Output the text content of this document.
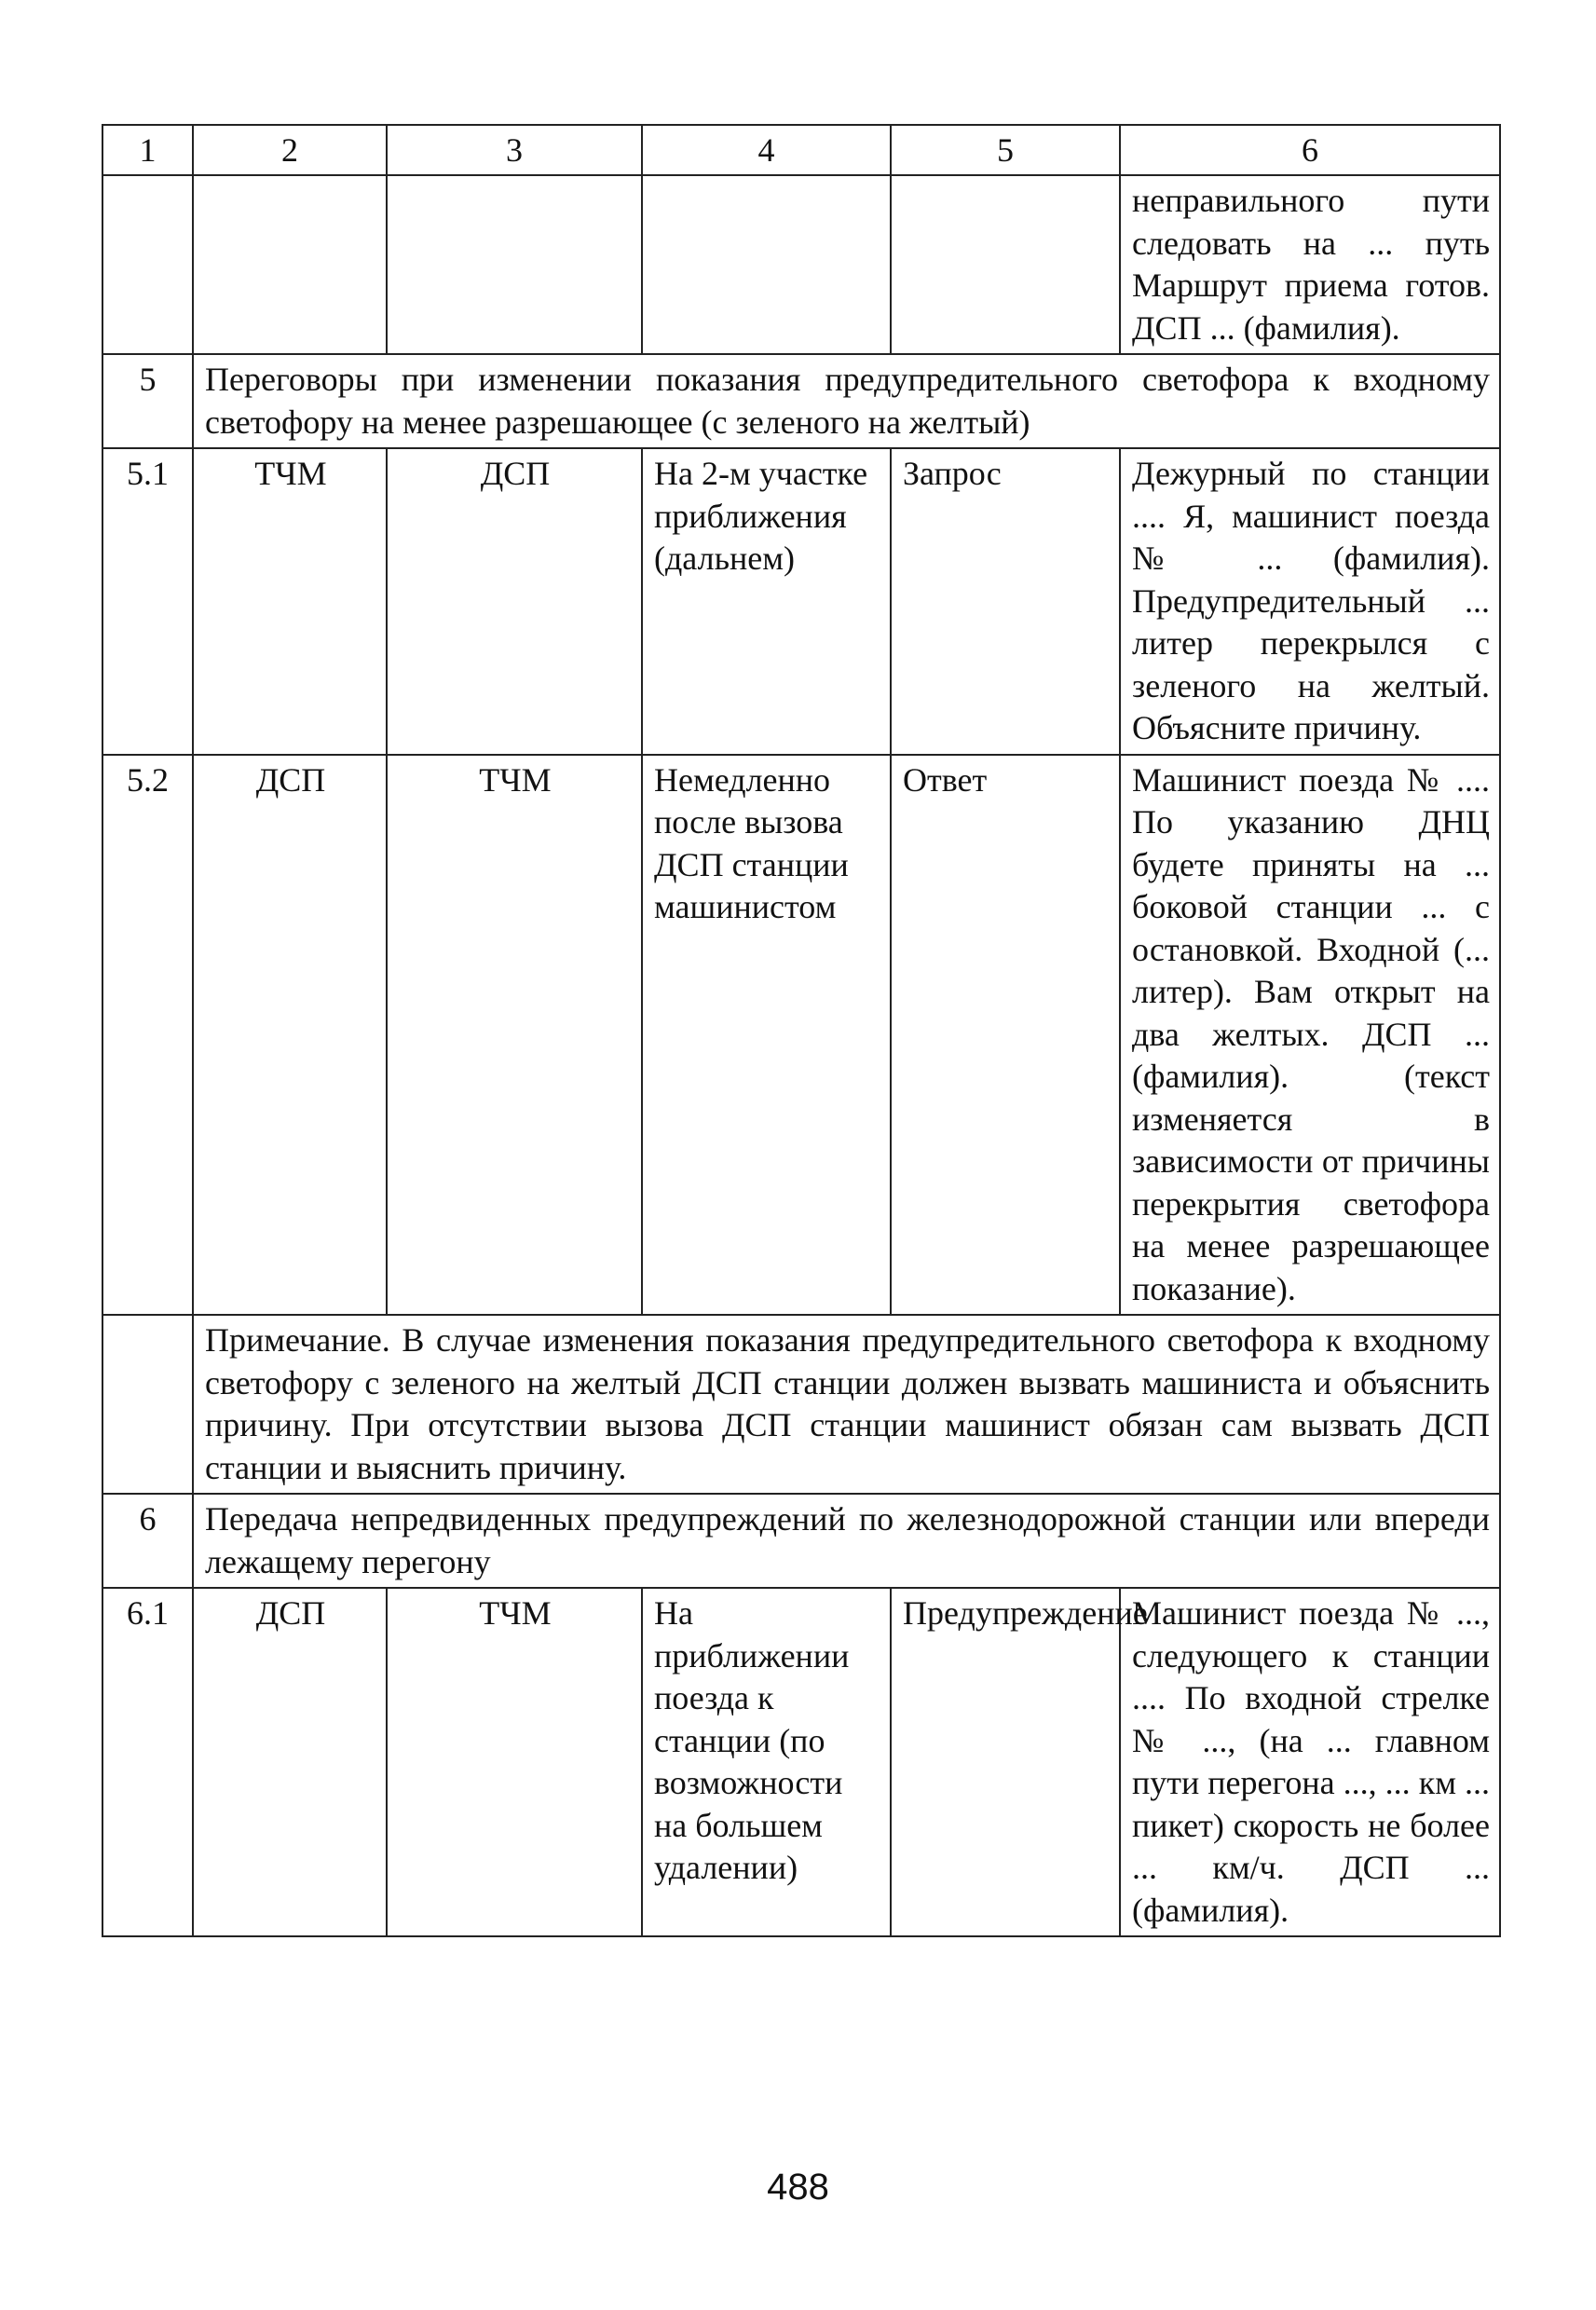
1	2	3	4	5	6
					неправильного пути следовать на ... путь Маршрут приема готов. ДСП ... (фамилия).
5	Переговоры при изменении показания предупредительного светофора к входному светофору на менее разрешающее (с зеленого на желтый)				
5.1	ТЧМ	ДСП	На 2-м участке приближения (дальнем)	Запрос	Дежурный по станции .... Я, машинист поезда № ... (фамилия). Предупредительный ... литер перекрылся с зеленого на желтый. Объясните причину.
5.2	ДСП	ТЧМ	Немедленно после вызова ДСП станции машинистом	Ответ	Машинист поезда № .... По указанию ДНЦ будете приняты на ... боковой станции ... с остановкой. Входной (... литер). Вам открыт на два желтых. ДСП ... (фамилия). (текст изменяется в зависимости от причины перекрытия светофора на менее разрешающее показание).
	Примечание. В случае изменения показания предупредительного светофора к входному светофору с зеленого на желтый ДСП станции должен вызвать машиниста и объяснить причину. При отсутствии вызова ДСП станции машинист обязан сам вызвать ДСП станции и выяснить причину.				
6	Передача непредвиденных предупреждений по железнодорожной станции или впереди лежащему перегону				
6.1	ДСП	ТЧМ	На приближении поезда к станции (по возможности на большем удалении)	Предупреждение	Машинист поезда № ..., следующего к станции .... По входной стрелке № ..., (на ... главном пути перегона ..., ... км ... пикет) скорость не более ... км/ч. ДСП ... (фамилия).
488
